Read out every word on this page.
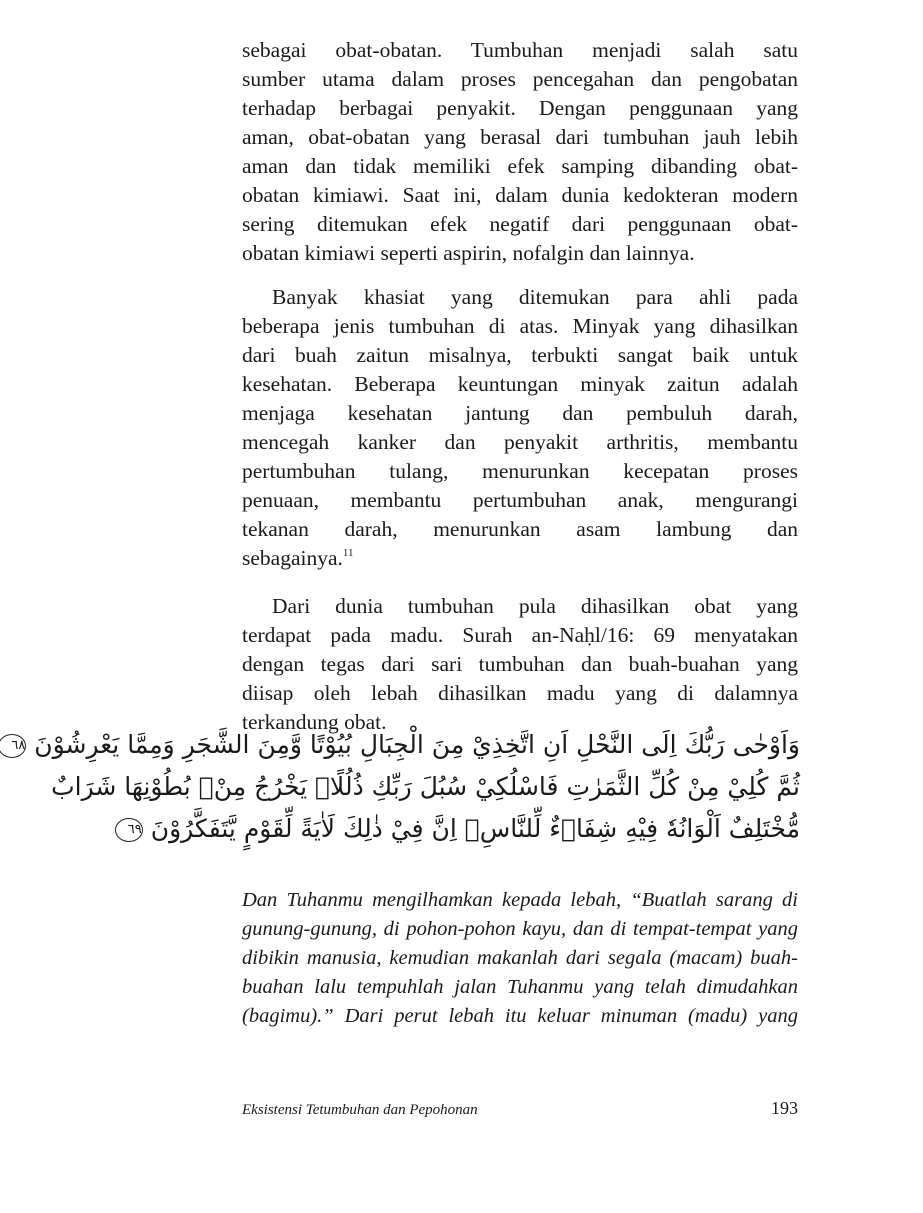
sebagai obat-obatan. Tumbuhan menjadi salah satu
sumber utama dalam proses pencegahan dan pengobatan
terhadap berbagai penyakit. Dengan penggunaan yang
aman, obat-obatan yang berasal dari tumbuhan jauh lebih
aman dan tidak memiliki efek samping dibanding obat-
obatan kimiawi. Saat ini, dalam dunia kedokteran modern
sering ditemukan efek negatif dari penggunaan obat-
obatan kimiawi seperti aspirin, nofalgin dan lainnya.
Banyak khasiat yang ditemukan para ahli pada
beberapa jenis tumbuhan di atas. Minyak yang dihasilkan
dari buah zaitun misalnya, terbukti sangat baik untuk
kesehatan. Beberapa keuntungan minyak zaitun adalah
menjaga kesehatan jantung dan pembuluh darah,
mencegah kanker dan penyakit arthritis, membantu
pertumbuhan tulang, menurunkan kecepatan proses
penuaan, membantu pertumbuhan anak, mengurangi
tekanan darah, menurunkan asam lambung dan
sebagainya.$^{11}$
Dari dunia tumbuhan pula dihasilkan obat yang
terdapat pada madu. Surah an-Naḥl/16: 69 menyatakan
dengan tegas dari sari tumbuhan dan buah-buahan yang
diisap oleh lebah dihasilkan madu yang di dalamnya
terkandung obat.
وَاَوْحٰى رَبُّكَ اِلَى النَّحْلِ اَنِ اتَّخِذِيْ مِنَ الْجِبَالِ بُيُوْتًا وَّمِنَ الشَّجَرِ وَمِمَّا يَعْرِشُوْنَ ٦٨
ثُمَّ كُلِيْ مِنْ كُلِّ الثَّمَرٰتِ فَاسْلُكِيْ سُبُلَ رَبِّكِ ذُلُلًاۗ يَخْرُجُ مِنْۢ بُطُوْنِهَا شَرَابٌ
مُّخْتَلِفٌ اَلْوَانُهٗ فِيْهِ شِفَاۤءٌ لِّلنَّاسِۗ اِنَّ فِيْ ذٰلِكَ لَاٰيَةً لِّقَوْمٍ يَّتَفَكَّرُوْنَ ٦٩
Dan Tuhanmu mengilhamkan kepada lebah, “Buatlah sarang di
gunung-gunung, di pohon-pohon kayu, dan di tempat-tempat yang
dibikin manusia, kemudian makanlah dari segala (macam) buah-
buahan lalu tempuhlah jalan Tuhanmu yang telah dimudahkan
(bagimu).” Dari perut lebah itu keluar minuman (madu) yang
Eksistensi Tetumbuhan dan Pepohonan	193
